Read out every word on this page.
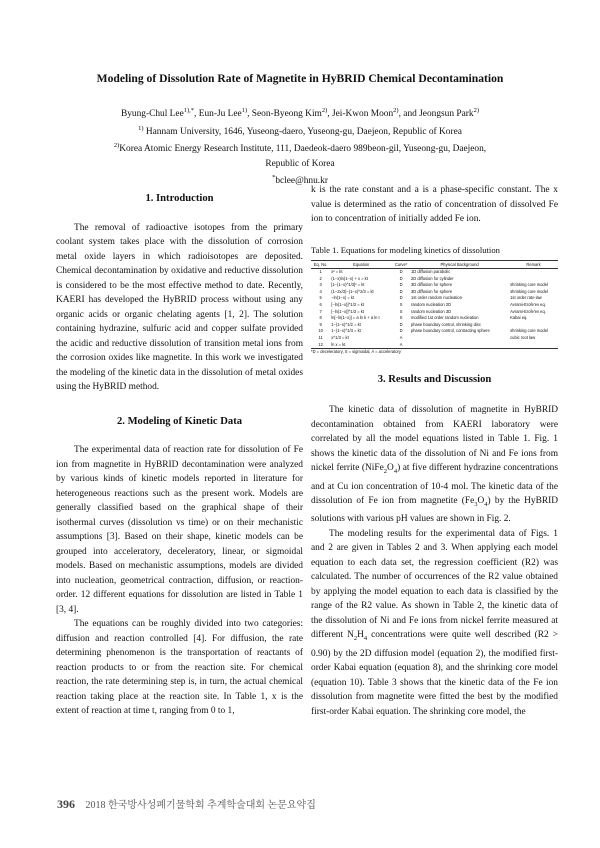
Modeling of Dissolution Rate of Magnetite in HyBRID Chemical Decontamination
Byung-Chul Lee$^{1),*}$, Eun-Ju Lee$^{1)}$, Seon-Byeong Kim$^{2)}$, Jei-Kwon Moon$^{2)}$, and Jeongsun Park$^{2)}$
$^{1)}$ Hannam University, 1646, Yuseong-daero, Yuseong-gu, Daejeon, Republic of Korea
$^{2)}$Korea Atomic Energy Research Institute, 111, Daedeok-daero 989beon-gil, Yuseong-gu, Daejeon,
Republic of Korea
*bclee@hnu.kr
1. Introduction

The removal of radioactive isotopes from the primary coolant system takes place with the dissolution of corrosion metal oxide layers in which radioisotopes are deposited. Chemical decontamination by oxidative and reductive dissolution is considered to be the most effective method to date. Recently, KAERI has developed the HyBRID process without using any organic acids or organic chelating agents [1, 2]. The solution containing hydrazine, sulfuric acid and copper sulfate provided the acidic and reductive dissolution of transition metal ions from the corrosion oxides like magnetite. In this work we investigated the modeling of the kinetic data in the dissolution of metal oxides using the HyBRID method.

2. Modeling of Kinetic Data

The experimental data of reaction rate for dissolution of Fe ion from magnetite in HyBRID decontamination were analyzed by various kinds of kinetic models reported in literature for heterogeneous reactions such as the present work. Models are generally classified based on the graphical shape of their isothermal curves (dissolution vs time) or on their mechanistic assumptions [3]. Based on their shape, kinetic models can be grouped into acceleratory, deceleratory, linear, or sigmoidal models. Based on mechanistic assumptions, models are divided into nucleation, geometrical contraction, diffusion, or reaction-order. 12 different equations for dissolution are listed in Table 1 [3, 4].

The equations can be roughly divided into two categories: diffusion and reaction controlled [4]. For diffusion, the rate determining phenomenon is the transportation of reactants of reaction products to or from the reaction site. For chemical reaction, the rate determining step is, in turn, the actual chemical reaction taking place at the reaction site. In Table 1, x is the extent of reaction at time t, ranging from 0 to 1,

k is the rate constant and a is a phase-specific constant. The x value is determined as the ratio of concentration of dissolved Fe ion to concentration of initially added Fe ion.

Table 1. Equations for modeling kinetics of dissolution
Eq. No.	Equation	Curve*	Physical Background	Remark
1	x² = kt	D	1D diffusion parabolic	
2	(1−x)ln(1−x) + x = kt	D	2D diffusion for cylinder	
3	[1−(1−x)^1/3]² = kt	D	3D diffusion for sphere	shrinking core model
4	(1−2x/3)−(1−x)^2/3 = kt	D	3D diffusion for sphere	shrinking core model
5	−ln(1−x) = kt	D	1st order random nucleation	1st order rate law
6	[−ln(1−x)]^1/2 = kt	S	random nucleation 2D	Avrami-Erofe'ev eq.
7	[−ln(1−x)]^1/3 = kt	S	random nucleation 3D	Avrami-Erofe'ev eq.
8	ln[−ln(1−x)] = a ln k + a ln t	S	modified 1st order random nucleation	Kabai eq.
9	1−(1−x)^1/2 = kt	D	phase boundary control, shrinking disc	
10	1−(1−x)^1/3 = kt	D	phase boundary control, contracting sphere	shrinking core model
11	x^1/3 = kt	A		cubic root law
12	ln x = kt	A		
*D = deceleratory, S = sigmoidal, A = acceleratory
3. Results and Discussion

The kinetic data of dissolution of magnetite in HyBRID decontamination obtained from KAERI laboratory were correlated by all the model equations listed in Table 1. Fig. 1 shows the kinetic data of the dissolution of Ni and Fe ions from nickel ferrite $(NiFe_2O_4)$ at five different hydrazine concentrations and at Cu ion concentration of 10-4 mol. The kinetic data of the dissolution of Fe ion from magnetite $(Fe_3O_4)$ by the HyBRID solutions with various pH values are shown in Fig. 2.

The modeling results for the experimental data of Figs. 1 and 2 are given in Tables 2 and 3. When applying each model equation to each data set, the regression coefficient (R2) was calculated. The number of occurrences of the R2 value obtained by applying the model equation to each data is classified by the range of the R2 value. As shown in Table 2, the kinetic data of the dissolution of Ni and Fe ions from nickel ferrite measured at different $N_2H_4$ concentrations were quite well described (R2 > 0.90) by the 2D diffusion model (equation 2), the modified first-order Kabai equation (equation 8), and the shrinking core model (equation 10). Table 3 shows that the kinetic data of the Fe ion dissolution from magnetite were fitted the best by the modified first-order Kabai equation. The shrinking core model, the

396 2018 한국방사성폐기물학회 추계학술대회 논문요약집
